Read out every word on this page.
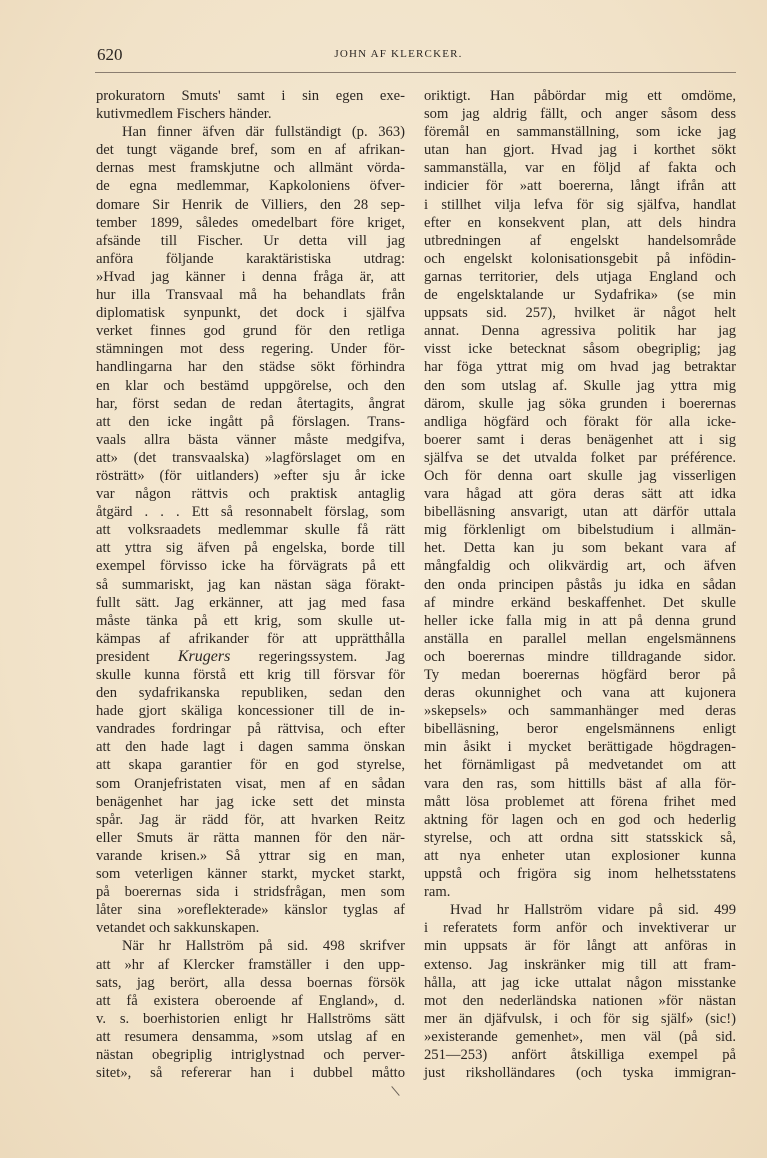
620	JOHN AF KLERCKER.
prokuratorn Smuts' samt i sin egen exe-
kutivmedlem Fischers händer.
Han finner äfven där fullständigt (p. 363)
det tungt vägande bref, som en af afrikan-
dernas mest framskjutne och allmänt vörda-
de egna medlemmar, Kapkoloniens öfver-
domare Sir Henrik de Villiers, den 28 sep-
tember 1899, således omedelbart före kriget,
afsände till Fischer. Ur detta vill jag
anföra följande karaktäristiska utdrag:
»Hvad jag känner i denna fråga är, att
hur illa Transvaal må ha behandlats från
diplomatisk synpunkt, det dock i själfva
verket finnes god grund för den retliga
stämningen mot dess regering. Under för-
handlingarna har den städse sökt förhindra
en klar och bestämd uppgörelse, och den
har, först sedan de redan återtagits, ångrat
att den icke ingått på förslagen. Trans-
vaals allra bästa vänner måste medgifva,
att» (det transvaalska) »lagförslaget om en
rösträtt» (för uitlanders) »efter sju år icke
var någon rättvis och praktisk antaglig
åtgärd . . . Ett så resonnabelt förslag, som
att volksraadets medlemmar skulle få rätt
att yttra sig äfven på engelska, borde till
exempel förvisso icke ha förvägrats på ett
så summariskt, jag kan nästan säga förakt-
fullt sätt. Jag erkänner, att jag med fasa
måste tänka på ett krig, som skulle ut-
kämpas af afrikander för att upprätthålla
president Krugers regeringssystem. Jag
skulle kunna förstå ett krig till försvar för
den sydafrikanska republiken, sedan den
hade gjort skäliga koncessioner till de in-
vandrades fordringar på rättvisa, och efter
att den hade lagt i dagen samma önskan
att skapa garantier för en god styrelse,
som Oranjefristaten visat, men af en sådan
benägenhet har jag icke sett det minsta
spår. Jag är rädd för, att hvarken Reitz
eller Smuts är rätta mannen för den när-
varande krisen.» Så yttrar sig en man,
som veterligen känner starkt, mycket starkt,
på boerernas sida i stridsfrågan, men som
låter sina »oreflekterade» känslor tyglas af
vetandet och sakkunskapen.
När hr Hallström på sid. 498 skrifver
att »hr af Klercker framställer i den upp-
sats, jag berört, alla dessa boernas försök
att få existera oberoende af England», d.
v. s. boerhistorien enligt hr Hallströms sätt
att resumera densamma, »som utslag af en
nästan obegriplig intriglystnad och perver-
sitet», så refererar han i dubbel måtto
oriktigt. Han påbördar mig ett omdöme,
som jag aldrig fällt, och anger såsom dess
föremål en sammanställning, som icke jag
utan han gjort. Hvad jag i korthet sökt
sammanställa, var en följd af fakta och
indicier för »att boererna, långt ifrån att
i stillhet vilja lefva för sig själfva, handlat
efter en konsekvent plan, att dels hindra
utbredningen af engelskt handelsområde
och engelskt kolonisationsgebit på infödin-
garnas territorier, dels utjaga England och
de engelsktalande ur Sydafrika» (se min
uppsats sid. 257), hvilket är något helt
annat. Denna agressiva politik har jag
visst icke betecknat såsom obegriplig; jag
har föga yttrat mig om hvad jag betraktar
den som utslag af. Skulle jag yttra mig
därom, skulle jag söka grunden i boerernas
andliga högfärd och förakt för alla icke-
boerer samt i deras benägenhet att i sig
själfva se det utvalda folket par préférence.
Och för denna oart skulle jag visserligen
vara hågad att göra deras sätt att idka
bibelläsning ansvarigt, utan att därför uttala
mig förklenligt om bibelstudium i allmän-
het. Detta kan ju som bekant vara af
mångfaldig och olikvärdig art, och äfven
den onda principen påstås ju idka en sådan
af mindre erkänd beskaffenhet. Det skulle
heller icke falla mig in att på denna grund
anställa en parallel mellan engelsmännens
och boerernas mindre tilldragande sidor.
Ty medan boerernas högfärd beror på
deras okunnighet och vana att kujonera
»skepsels» och sammanhänger med deras
bibelläsning, beror engelsmännens enligt
min åsikt i mycket berättigade högdragen-
het förnämligast på medvetandet om att
vara den ras, som hittills bäst af alla för-
mått lösa problemet att förena frihet med
aktning för lagen och en god och hederlig
styrelse, och att ordna sitt statsskick så,
att nya enheter utan explosioner kunna
uppstå och frigöra sig inom helhetsstatens
ram.
Hvad hr Hallström vidare på sid. 499
i referatets form anför och invektiverar ur
min uppsats är för långt att anföras in
extenso. Jag inskränker mig till att fram-
hålla, att jag icke uttalat någon misstanke
mot den nederländska nationen »för nästan
mer än djäfvulsk, i och för sig själf» (sic!)
»existerande gemenhet», men väl (på sid.
251—253) anfört åtskilliga exempel på
just riksholländares (och tyska immigran-
